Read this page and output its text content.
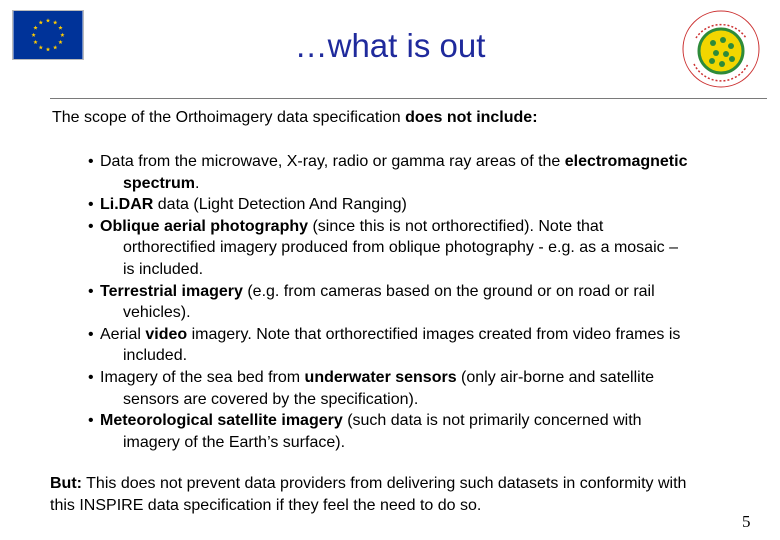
…what is out
The scope of the Orthoimagery data specification does not include:
• Data from the microwave, X-ray, radio or gamma ray areas of the electromagnetic
spectrum.
• Li.DAR data (Light Detection And Ranging)
• Oblique aerial photography (since this is not orthorectified). Note that
orthorectified imagery produced from oblique photography - e.g. as a mosaic –
is included.
• Terrestrial imagery (e.g. from cameras based on the ground or on road or rail
vehicles).
• Aerial video imagery. Note that orthorectified images created from video frames is
included.
• Imagery of the sea bed from underwater sensors (only air-borne and satellite
sensors are covered by the specification).
• Meteorological satellite imagery (such data is not primarily concerned with
imagery of the Earth’s surface).
But: This does not prevent data providers from delivering such datasets in conformity with
this INSPIRE data specification if they feel the need to do so.
5
